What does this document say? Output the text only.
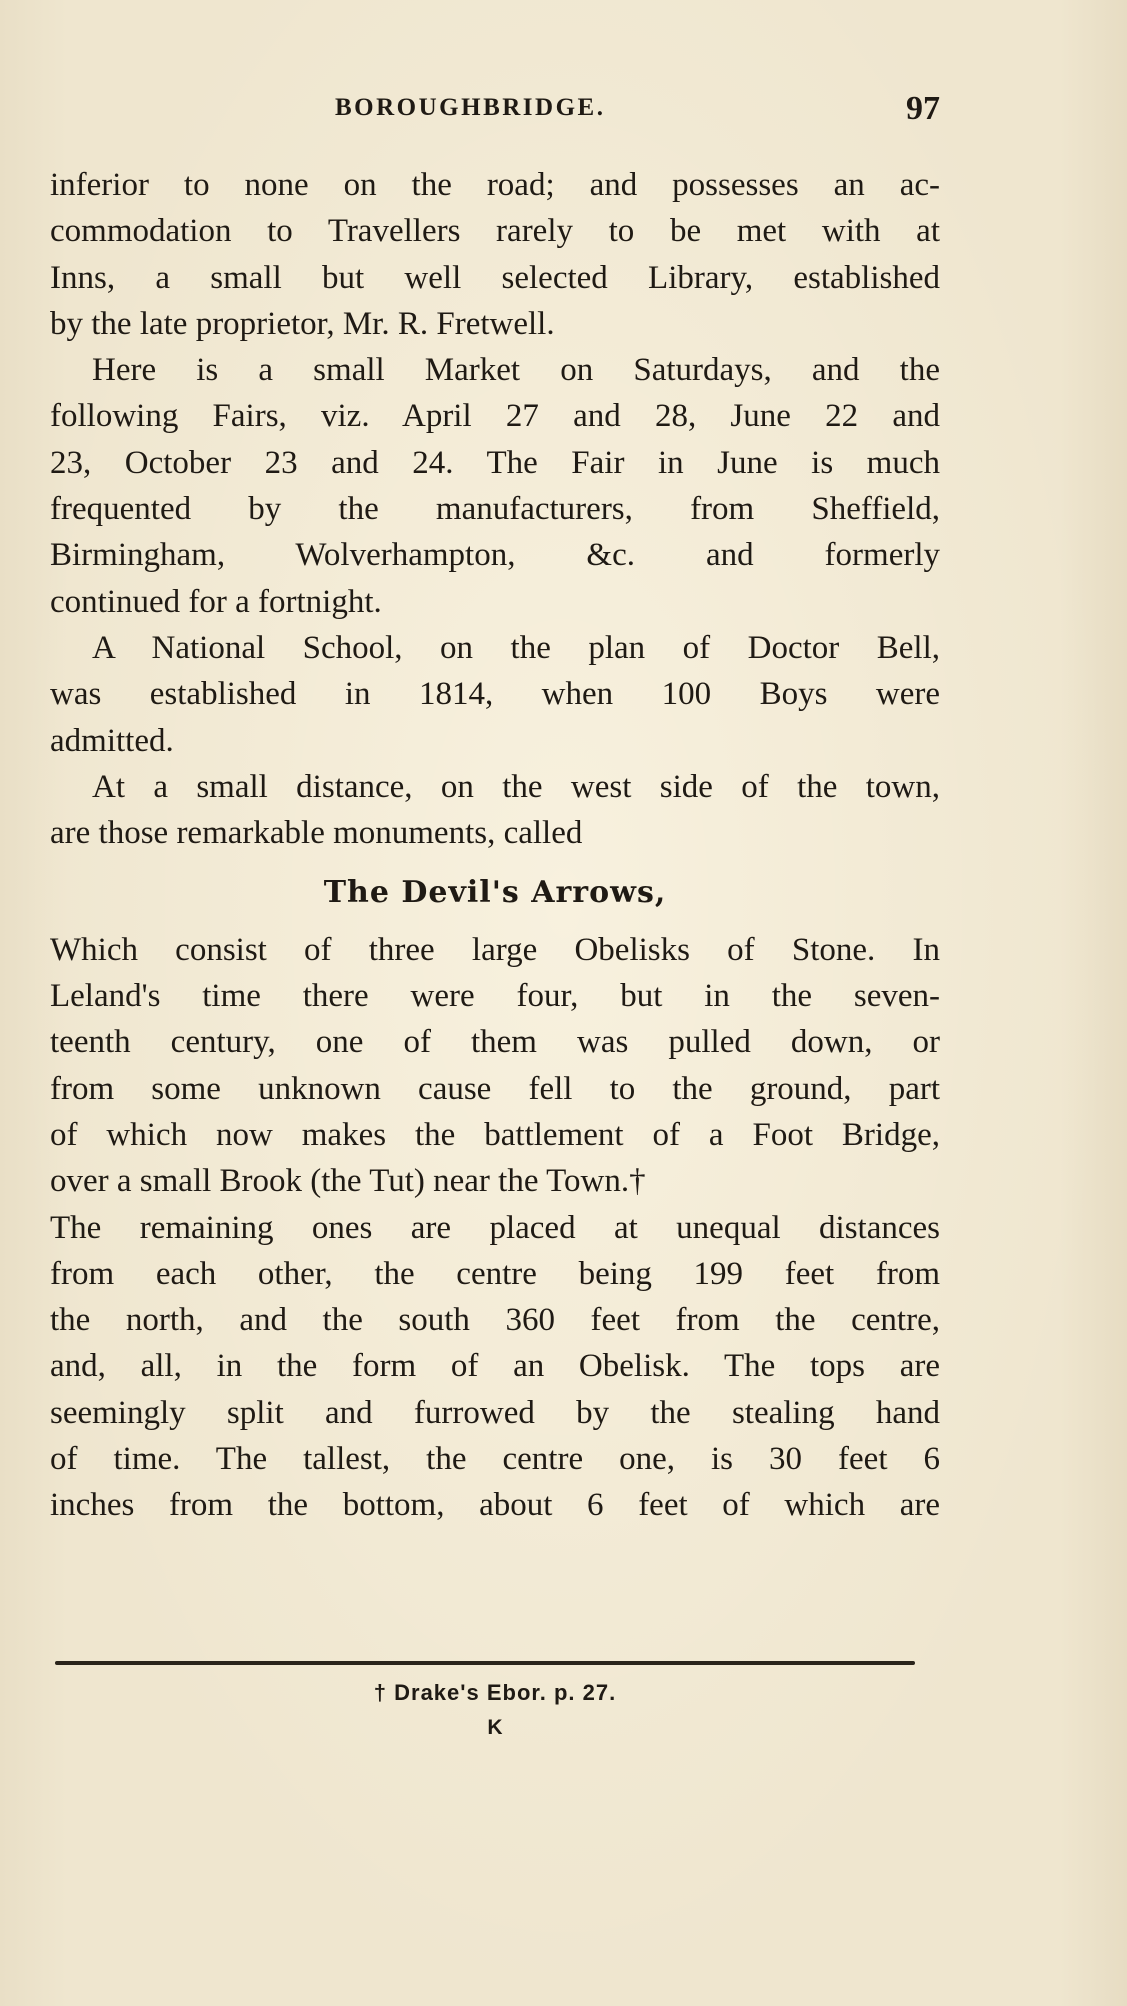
BOROUGHBRIDGE.	97
inferior to none on the road; and possesses an ac-
commodation to Travellers rarely to be met with at
Inns, a small but well selected Library, established
by the late proprietor, Mr. R. Fretwell.
Here is a small Market on Saturdays, and the
following Fairs, viz. April 27 and 28, June 22 and
23, October 23 and 24. The Fair in June is much
frequented by the manufacturers, from Sheffield,
Birmingham, Wolverhampton, &c. and formerly
continued for a fortnight.
A National School, on the plan of Doctor Bell,
was established in 1814, when 100 Boys were
admitted.
At a small distance, on the west side of the town,
are those remarkable monuments, called
The Devil's Arrows,
Which consist of three large Obelisks of Stone. In
Leland's time there were four, but in the seven-
teenth century, one of them was pulled down, or
from some unknown cause fell to the ground, part
of which now makes the battlement of a Foot Bridge,
over a small Brook (the Tut) near the Town.†
The remaining ones are placed at unequal distances
from each other, the centre being 199 feet from
the north, and the south 360 feet from the centre,
and, all, in the form of an Obelisk. The tops are
seemingly split and furrowed by the stealing hand
of time. The tallest, the centre one, is 30 feet 6
inches from the bottom, about 6 feet of which are
† Drake's Ebor. p. 27.
K
